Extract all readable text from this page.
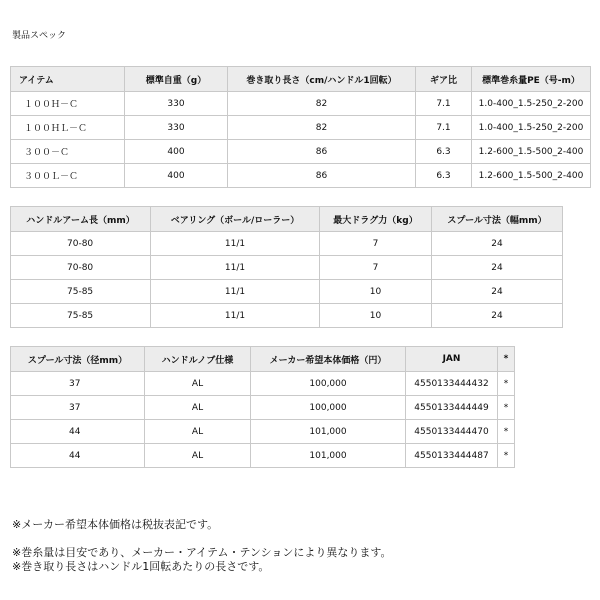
製品スペック
アイテム	標準自重（g）	巻き取り長さ（cm/ハンドル1回転）	ギア比	標準巻糸量PE（号-m）
１００Ｈ－Ｃ	330	82	7.1	1.0-400_1.5-250_2-200
１００ＨＬ－Ｃ	330	82	7.1	1.0-400_1.5-250_2-200
３００－Ｃ	400	86	6.3	1.2-600_1.5-500_2-400
３００Ｌ－Ｃ	400	86	6.3	1.2-600_1.5-500_2-400
ハンドルアーム長（mm）	ベアリング（ボール/ローラー）	最大ドラグ力（kg）	スプール寸法（幅mm）
70-80	11/1	7	24
70-80	11/1	7	24
75-85	11/1	10	24
75-85	11/1	10	24
スプール寸法（径mm）	ハンドルノブ仕様	メーカー希望本体価格（円）	JAN	*
37	AL	100,000	4550133444432	*
37	AL	100,000	4550133444449	*
44	AL	101,000	4550133444470	*
44	AL	101,000	4550133444487	*

※メーカー希望本体価格は税抜表記です。

※巻糸量は目安であり、メーカー・アイテム・テンションにより異なります。

※巻き取り長さはハンドル1回転あたりの長さです。
